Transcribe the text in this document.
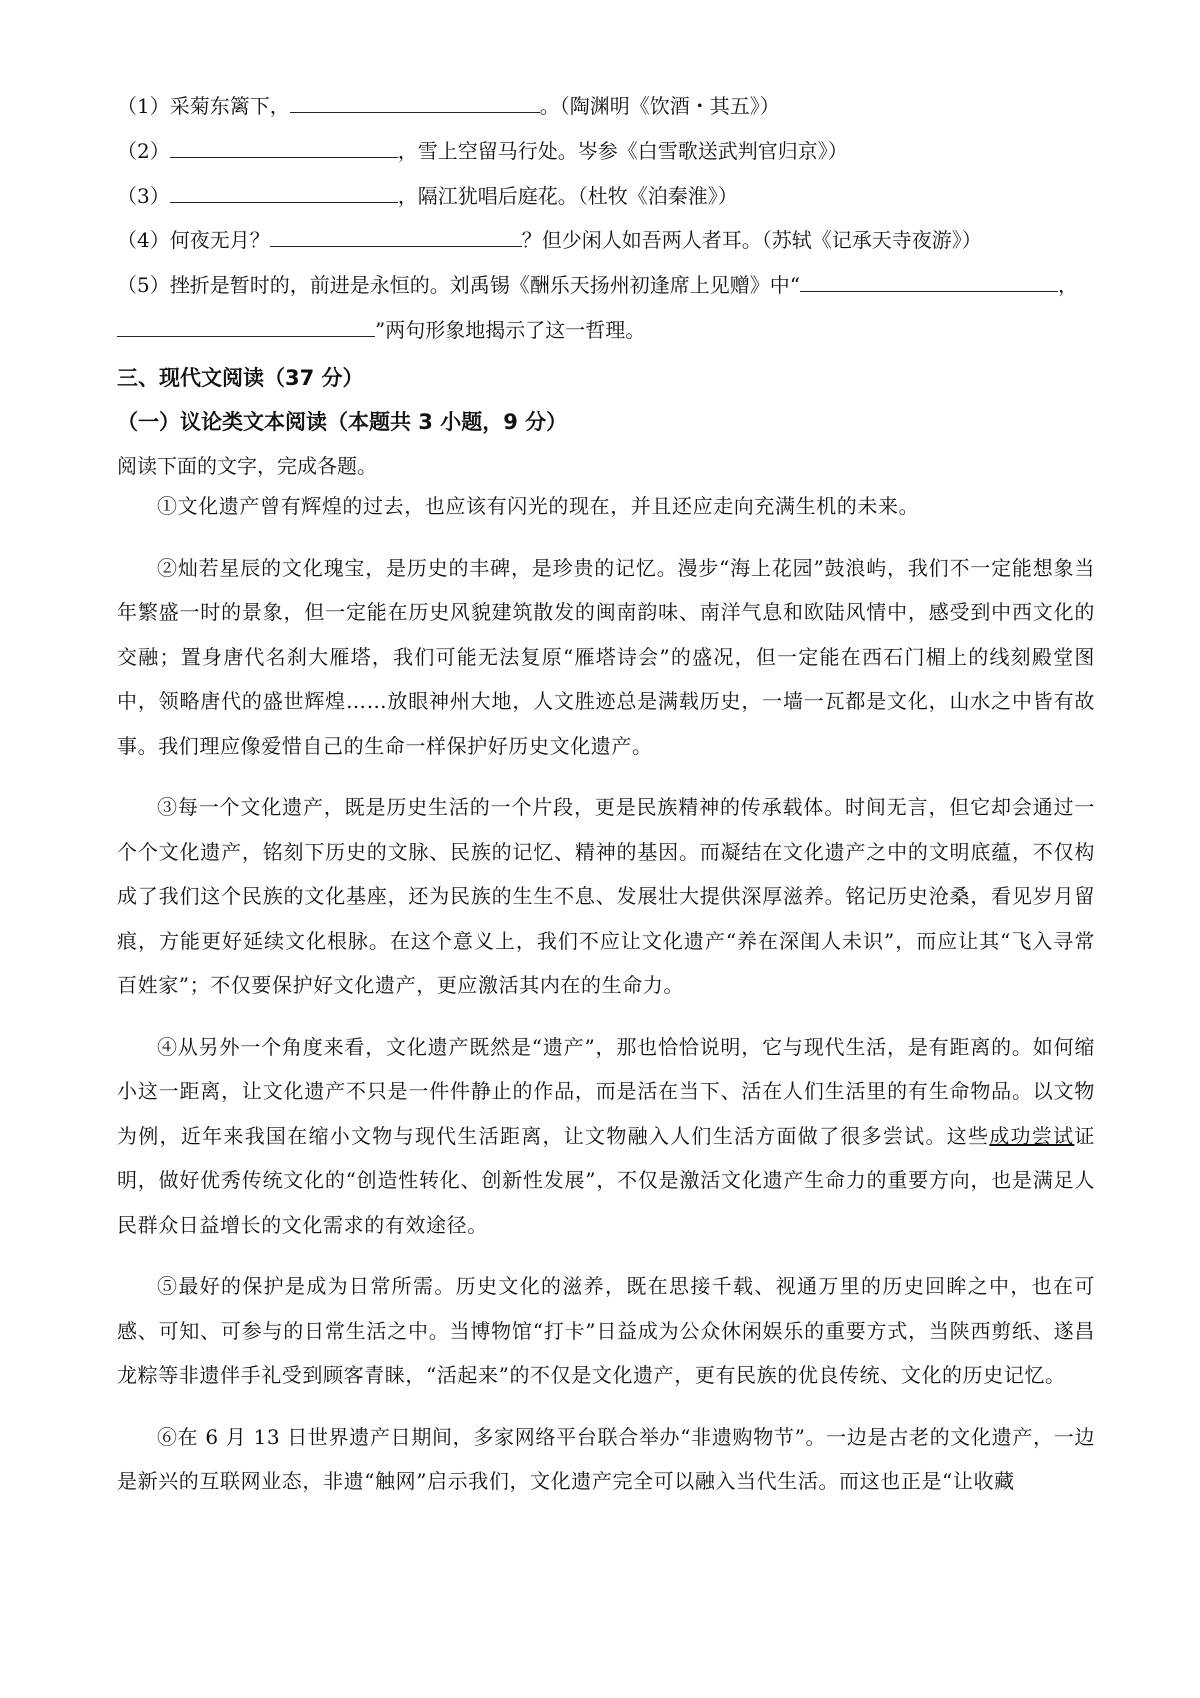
（1）采菊东篱下，	。（陶渊明《饮酒・其五》）
（2）	，雪上空留马行处。岑参《白雪歌送武判官归京》）
（3）	，隔江犹唱后庭花。（杜牧《泊秦淮》）
（4）何夜无月？	？但少闲人如吾两人者耳。（苏轼《记承天寺夜游》）
（5）挫折是暂时的，前进是永恒的。刘禹锡《酬乐天扬州初逢席上见赠》中“	，
”两句形象地揭示了这一哲理。
三、现代文阅读（37 分）
（一）议论类文本阅读（本题共 3 小题，9 分）
阅读下面的文字，完成各题。

①文化遗产曾有辉煌的过去，也应该有闪光的现在，并且还应走向充满生机的未来。

②灿若星辰的文化瑰宝，是历史的丰碑，是珍贵的记忆。漫步“海上花园”鼓浪屿，我们不一定能想象当年繁盛一时的景象，但一定能在历史风貌建筑散发的闽南韵味、南洋气息和欧陆风情中，感受到中西文化的交融；置身唐代名刹大雁塔，我们可能无法复原“雁塔诗会”的盛况，但一定能在西石门楣上的线刻殿堂图中，领略唐代的盛世辉煌……放眼神州大地，人文胜迹总是满载历史，一墙一瓦都是文化，山水之中皆有故事。我们理应像爱惜自己的生命一样保护好历史文化遗产。

③每一个文化遗产，既是历史生活的一个片段，更是民族精神的传承载体。时间无言，但它却会通过一个个文化遗产，铭刻下历史的文脉、民族的记忆、精神的基因。而凝结在文化遗产之中的文明底蕴，不仅构成了我们这个民族的文化基座，还为民族的生生不息、发展壮大提供深厚滋养。铭记历史沧桑，看见岁月留痕，方能更好延续文化根脉。在这个意义上，我们不应让文化遗产“养在深闺人未识”，而应让其“飞入寻常百姓家”；不仅要保护好文化遗产，更应激活其内在的生命力。

④从另外一个角度来看，文化遗产既然是“遗产”，那也恰恰说明，它与现代生活，是有距离的。如何缩小这一距离，让文化遗产不只是一件件静止的作品，而是活在当下、活在人们生活里的有生命物品。以文物为例，近年来我国在缩小文物与现代生活距离，让文物融入人们生活方面做了很多尝试。这些成功尝试证明，做好优秀传统文化的“创造性转化、创新性发展”，不仅是激活文化遗产生命力的重要方向，也是满足人民群众日益增长的文化需求的有效途径。

⑤最好的保护是成为日常所需。历史文化的滋养，既在思接千载、视通万里的历史回眸之中，也在可感、可知、可参与的日常生活之中。当博物馆“打卡”日益成为公众休闲娱乐的重要方式，当陕西剪纸、遂昌龙粽等非遗伴手礼受到顾客青睐，“活起来”的不仅是文化遗产，更有民族的优良传统、文化的历史记忆。

⑥在 6 月 13 日世界遗产日期间，多家网络平台联合举办“非遗购物节”。一边是古老的文化遗产，一边是新兴的互联网业态，非遗“触网”启示我们，文化遗产完全可以融入当代生活。而这也正是“让收藏
